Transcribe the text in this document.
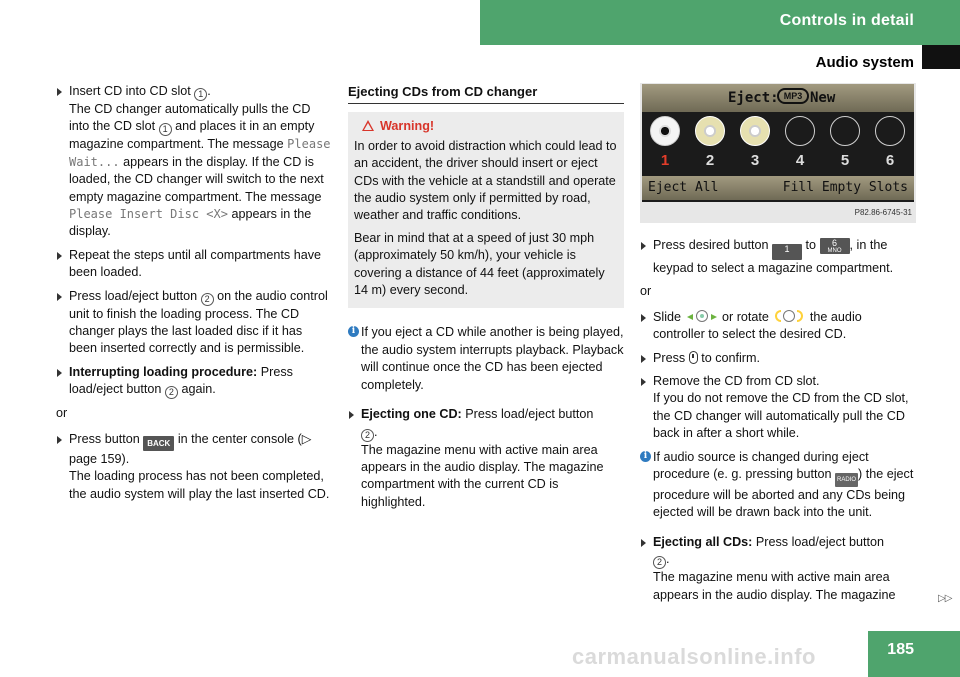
Controls in detail
Audio system
Insert CD into CD slot 1 .
The CD changer automatically pulls the CD into the CD slot 1 and places it in an empty magazine compartment. The message Please Wait... appears in the display. If the CD is loaded, the CD changer will switch to the next empty magazine compartment. The message Please Insert Disc <X> appears in the display.
Repeat the steps until all compartments have been loaded.
Press load/eject button 2 on the audio control unit to finish the loading process. The CD changer plays the last loaded disc if it has been inserted correctly and is permissible.
Interrupting loading procedure: Press load/eject button 2 again.
or
Press button BACK in the center console (▷ page 159).
The loading process has not been completed, the audio system will play the last inserted CD.
Ejecting CDs from CD changer
Warning!

In order to avoid distraction which could lead to an accident, the driver should insert or eject CDs with the vehicle at a standstill and operate the audio system only if permitted by road, weather and traffic conditions.

Bear in mind that at a speed of just 30 mph (approximately 50 km/h), your vehicle is covering a distance of 44 feet (approximately 14 m) every second.

i If you eject a CD while another is being played, the audio system interrupts playback. Playback will continue once the CD has been ejected completely.
Ejecting one CD: Press load/eject button
2 .
The magazine menu with active main area appears in the audio display. The magazine compartment with the current CD is highlighted.
Eject: MP3 New
1	2	3	4	5	6
Eject All	Fill Empty Slots
P82.86-6745-31
Press desired button 1 to 6
MNO , in the keypad to select a magazine compartment.
or
Slide	or rotate	the audio controller to select the desired CD.
Press to confirm.
Remove the CD from CD slot.
If you do not remove the CD from the CD slot, the CD changer will automatically pull the CD back in after a short while.
i If audio source is changed during eject procedure (e. g. pressing button RADIO ) the eject procedure will be aborted and any CDs being ejected will be drawn back into the unit.
Ejecting all CDs: Press load/eject button
2 .
The magazine menu with active main area appears in the audio display. The magazine	▷▷
carmanualsonline.info	185
